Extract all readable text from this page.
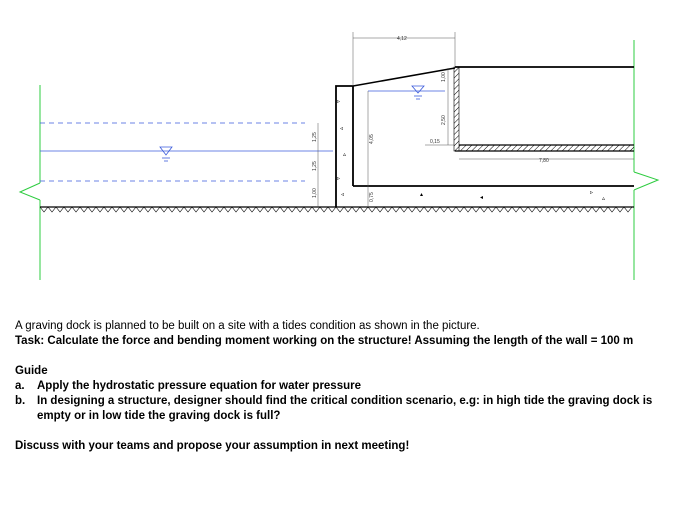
▹
◃
▵
▹
◃	▴	◂
▹
▵
4,12
1,00
2,50
0,15
7,80
4,05
0,75
1,25
1,25
1,00

A graving dock is planned to be built on a site with a tides condition as shown in the picture.

Task: Calculate the force and bending moment working on the structure! Assuming the length of the wall = 100 m

Guide

a.	Apply the hydrostatic pressure equation for water pressure
b.	In designing a structure, designer should find the critical condition scenario, e.g: in high tide the graving dock is empty or in low tide the graving dock is full?

Discuss with your teams and propose your assumption in next meeting!
